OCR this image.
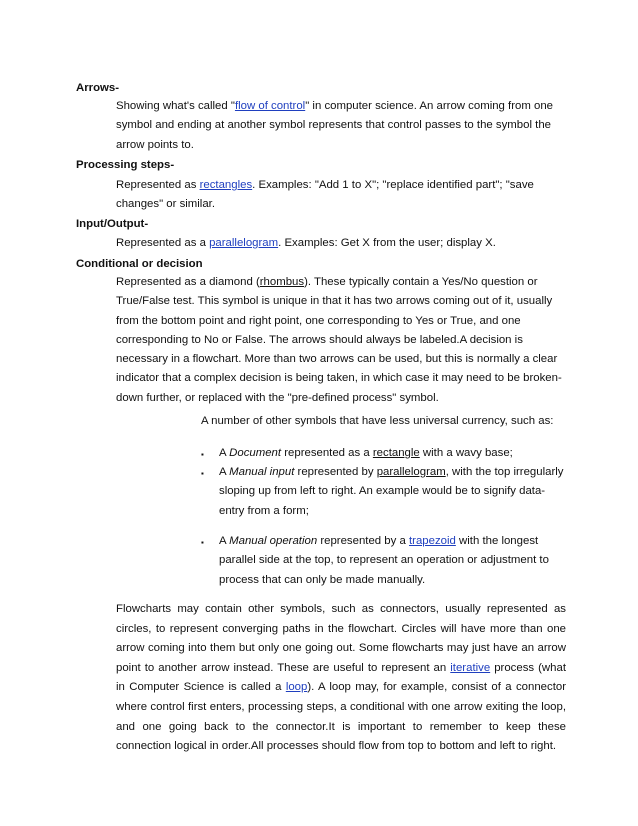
Arrows-

Showing what's called "flow of control" in computer science. An arrow coming from one symbol and ending at another symbol represents that control passes to the symbol the arrow points to.

Processing steps-

Represented as rectangles. Examples: "Add 1 to X"; "replace identified part"; "save changes" or similar.

Input/Output-

Represented as a parallelogram. Examples: Get X from the user; display X.

Conditional or decision

Represented as a diamond (rhombus). These typically contain a Yes/No question or True/False test. This symbol is unique in that it has two arrows coming out of it, usually from the bottom point and right point, one corresponding to Yes or True, and one corresponding to No or False. The arrows should always be labeled.A decision is necessary in a flowchart. More than two arrows can be used, but this is normally a clear indicator that a complex decision is being taken, in which case it may need to be broken-down further, or replaced with the "pre-defined process" symbol.

A number of other symbols that have less universal currency, such as:
▪	A Document represented as a rectangle with a wavy base;

▪	A Manual input represented by parallelogram, with the top irregularly sloping up from left to right. An example would be to signify data-entry from a form;

▪	A Manual operation represented by a trapezoid with the longest parallel side at the top, to represent an operation or adjustment to process that can only be made manually.

Flowcharts may contain other symbols, such as connectors, usually represented as circles, to represent converging paths in the flowchart. Circles will have more than one arrow coming into them but only one going out. Some flowcharts may just have an arrow point to another arrow instead. These are useful to represent an iterative process (what in Computer Science is called a loop). A loop may, for example, consist of a connector where control first enters, processing steps, a conditional with one arrow exiting the loop, and one going back to the connector.It is important to remember to keep these connection logical in order.All processes should flow from top to bottom and left to right.
